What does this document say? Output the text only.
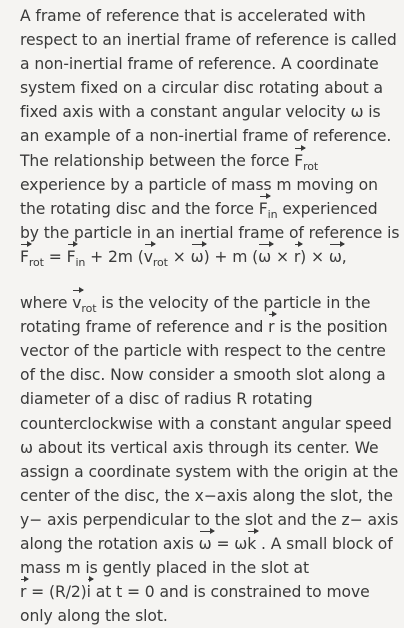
A frame of reference that is accelerated with
respect to an inertial frame of reference is called
a non-inertial frame of reference. A coordinate
system fixed on a circular disc rotating about a
fixed axis with a constant angular velocity ω is
an example of a non-inertial frame of reference.
The relationship between the force $F_{rot}$
experience by a particle of mass m moving on
the rotating disc and the force $F_{in}$ experienced
by the particle in an inertial frame of reference is
$F_{rot} = F_{in} + 2m$ $(v_{rot} \times \omega) + m$ (ω × r) × ω,

where $v_{rot}$ is the velocity of the particle in the
rotating frame of reference and r is the position
vector of the particle with respect to the centre
of the disc. Now consider a smooth slot along a
diameter of a disc of radius R rotating
counterclockwise with a constant angular speed
ω about its vertical axis through its center. We
assign a coordinate system with the origin at the
center of the disc, the x−axis along the slot, the
y− axis perpendicular to the slot and the z− axis
along the rotation axis ω = ωk . A small block of
mass m is gently placed in the slot at
r = (R/2)i at t = 0 and is constrained to move
only along the slot.
